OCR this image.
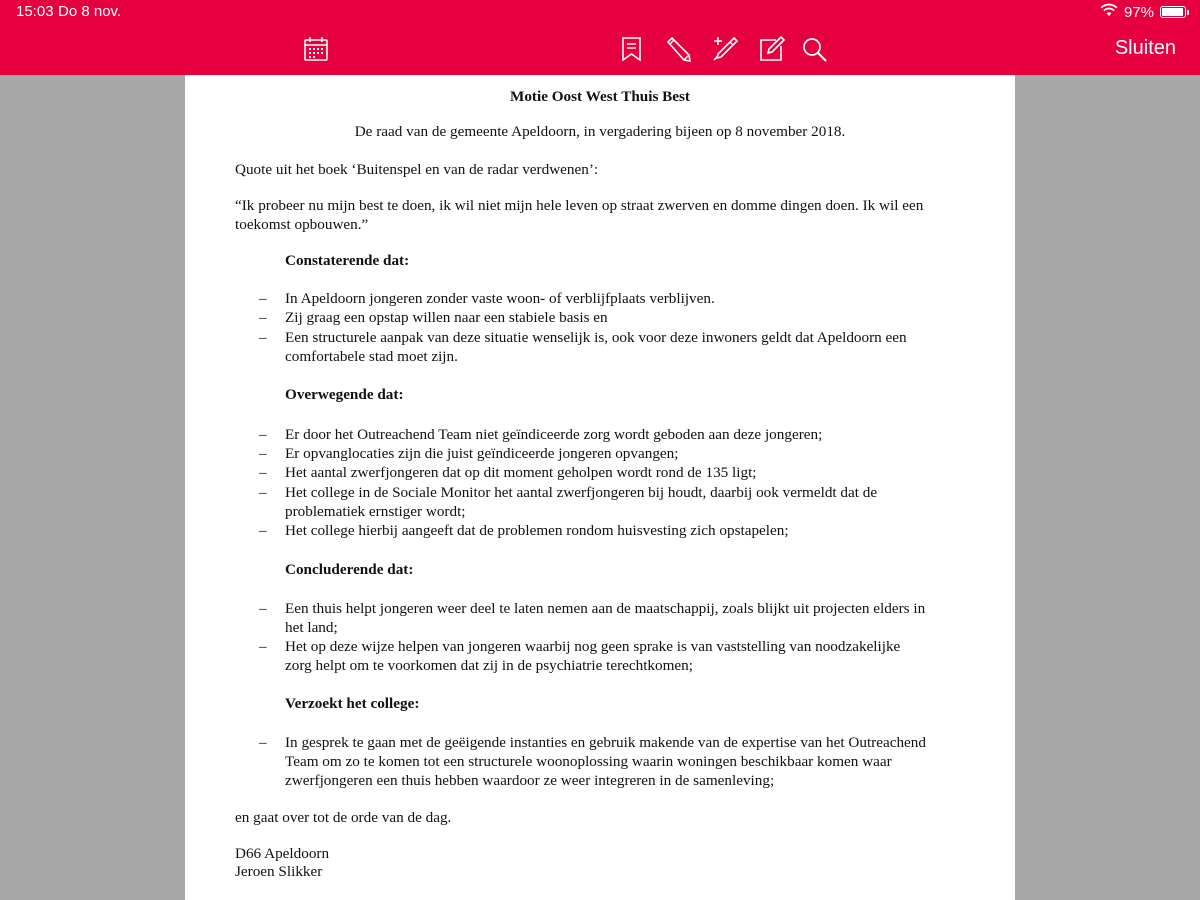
15:03 Do 8 nov.	97%
Sluiten
Motie Oost West Thuis Best
De raad van de gemeente Apeldoorn, in vergadering bijeen op 8 november 2018.
Quote uit het boek ‘Buitenspel en van de radar verdwenen’:
“Ik probeer nu mijn best te doen, ik wil niet mijn hele leven op straat zwerven en domme dingen doen. Ik wil een
toekomst opbouwen.”
Constaterende dat:
– In Apeldoorn jongeren zonder vaste woon- of verblijfplaats verblijven.
– Zij graag een opstap willen naar een stabiele basis en
– Een structurele aanpak van deze situatie wenselijk is, ook voor deze inwoners geldt dat Apeldoorn een
comfortabele stad moet zijn.
Overwegende dat:
– Er door het Outreachend Team niet geïndiceerde zorg wordt geboden aan deze jongeren;
– Er opvanglocaties zijn die juist geïndiceerde jongeren opvangen;
– Het aantal zwerfjongeren dat op dit moment geholpen wordt rond de 135 ligt;
– Het college in de Sociale Monitor het aantal zwerfjongeren bij houdt, daarbij ook vermeldt dat de
problematiek ernstiger wordt;
– Het college hierbij aangeeft dat de problemen rondom huisvesting zich opstapelen;
Concluderende dat:
– Een thuis helpt jongeren weer deel te laten nemen aan de maatschappij, zoals blijkt uit projecten elders in
het land;
– Het op deze wijze helpen van jongeren waarbij nog geen sprake is van vaststelling van noodzakelijke
zorg helpt om te voorkomen dat zij in de psychiatrie terechtkomen;
Verzoekt het college:
– In gesprek te gaan met de geëigende instanties en gebruik makende van de expertise van het Outreachend
Team om zo te komen tot een structurele woonoplossing waarin woningen beschikbaar komen waar
zwerfjongeren een thuis hebben waardoor ze weer integreren in de samenleving;
en gaat over tot de orde van de dag.
D66 Apeldoorn
Jeroen Slikker
